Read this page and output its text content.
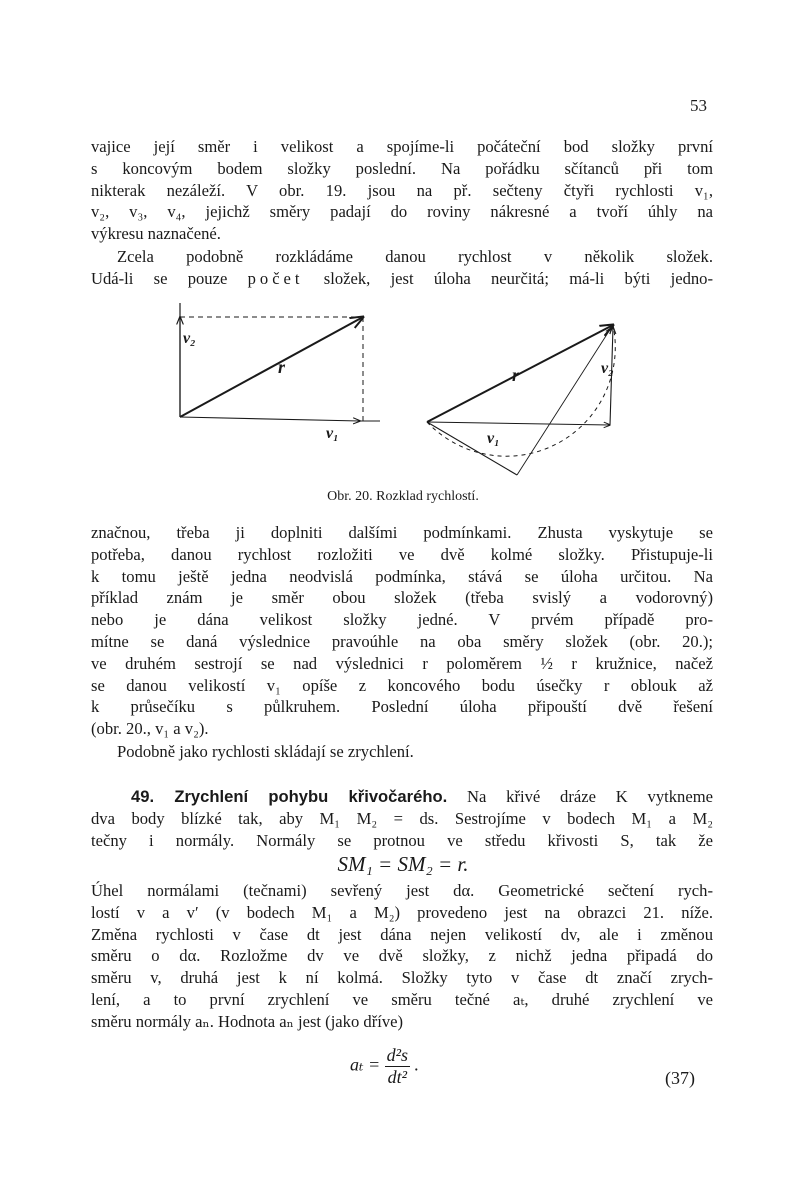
53
vajice její směr i velikost a spojíme-li počáteční bod složky první
s koncovým bodem složky poslední. Na pořádku sčítanců při tom
nikterak nezáleží. V obr. 19. jsou na př. sečteny čtyři rychlosti v₁,
v₂, v₃, v₄, jejichž směry padají do roviny nákresné a tvoří úhly na
výkresu naznačené.
Zcela podobně rozkládáme danou rychlost v několik složek.
Udá-li se pouze počet složek, jest úloha neurčitá; má-li býti jedno-
v₂
r
v₁
r
v₁
v₂
Obr. 20. Rozklad rychlostí.
značnou, třeba ji doplniti dalšími podmínkami. Zhusta vyskytuje se
potřeba, danou rychlost rozložiti ve dvě kolmé složky. Přistupuje-li
k tomu ještě jedna neodvislá podmínka, stává se úloha určitou. Na
příklad znám je směr obou složek (třeba svislý a vodorovný)
nebo je dána velikost složky jedné. V prvém případě pro-
mítne se daná výslednice pravoúhle na oba směry složek (obr. 20.);
ve druhém sestrojí se nad výslednici r poloměrem ½ r kružnice, načež
se danou velikostí v₁ opíše z koncového bodu úsečky r oblouk až
k průsečíku s půlkruhem. Poslední úloha připouští dvě řešení
(obr. 20., v₁ a v₂).
Podobně jako rychlosti skládají se zrychlení.
49. Zrychlení pohybu křivočarého. Na křivé dráze K vytkneme
dva body blízké tak, aby M₁ M₂ = ds. Sestrojíme v bodech M₁ a M₂
tečny i normály. Normály se protnou ve středu křivosti S, tak že
SM₁ = SM₂ = r.
Úhel normálami (tečnami) sevřený jest dα. Geometrické sečtení rych-
lostí v a v′ (v bodech M₁ a M₂) provedeno jest na obrazci 21. níže.
Změna rychlosti v čase dt jest dána nejen velikostí dv, ale i změnou
směru o dα. Rozložme dv ve dvě složky, z nichž jedna připadá do
směru v, druhá jest k ní kolmá. Složky tyto v čase dt značí zrych-
lení, a to první zrychlení ve směru tečné aₜ, druhé zrychlení ve
směru normály aₙ. Hodnota aₙ jest (jako dříve)
$a_t = \frac{\text{d²s}}{\text{dt²}}$ .
(37)
